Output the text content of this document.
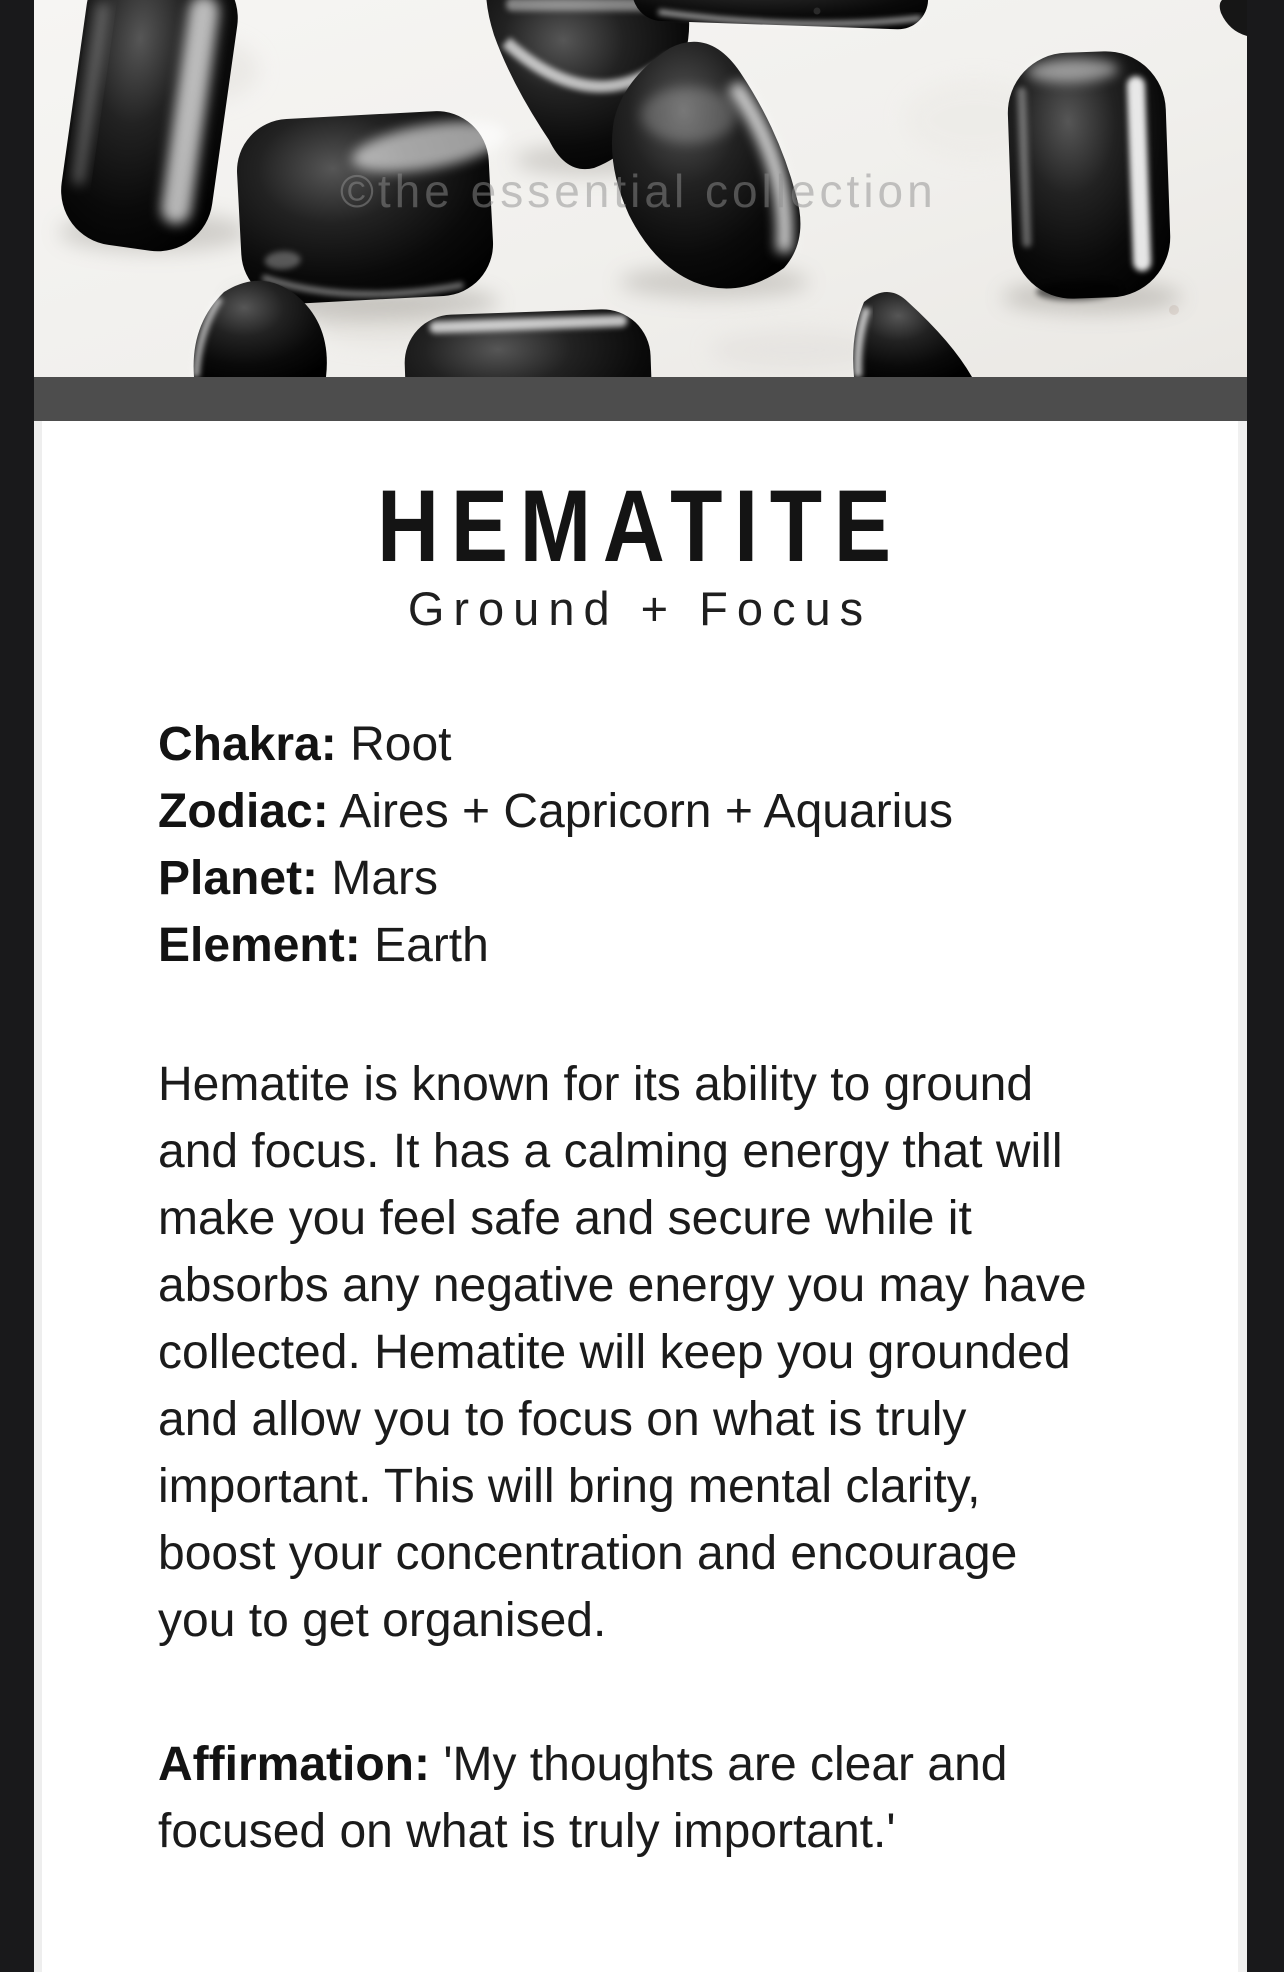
©the essential collection
HEMATITE

Ground + Focus

Chakra: Root

Zodiac: Aires + Capricorn + Aquarius

Planet: Mars

Element: Earth

Hematite is known for its ability to ground
and focus. It has a calming energy that will
make you feel safe and secure while it
absorbs any negative energy you may have
collected. Hematite will keep you grounded
and allow you to focus on what is truly
important. This will bring mental clarity,
boost your concentration and encourage
you to get organised.

Affirmation: 'My thoughts are clear and
focused on what is truly important.'
